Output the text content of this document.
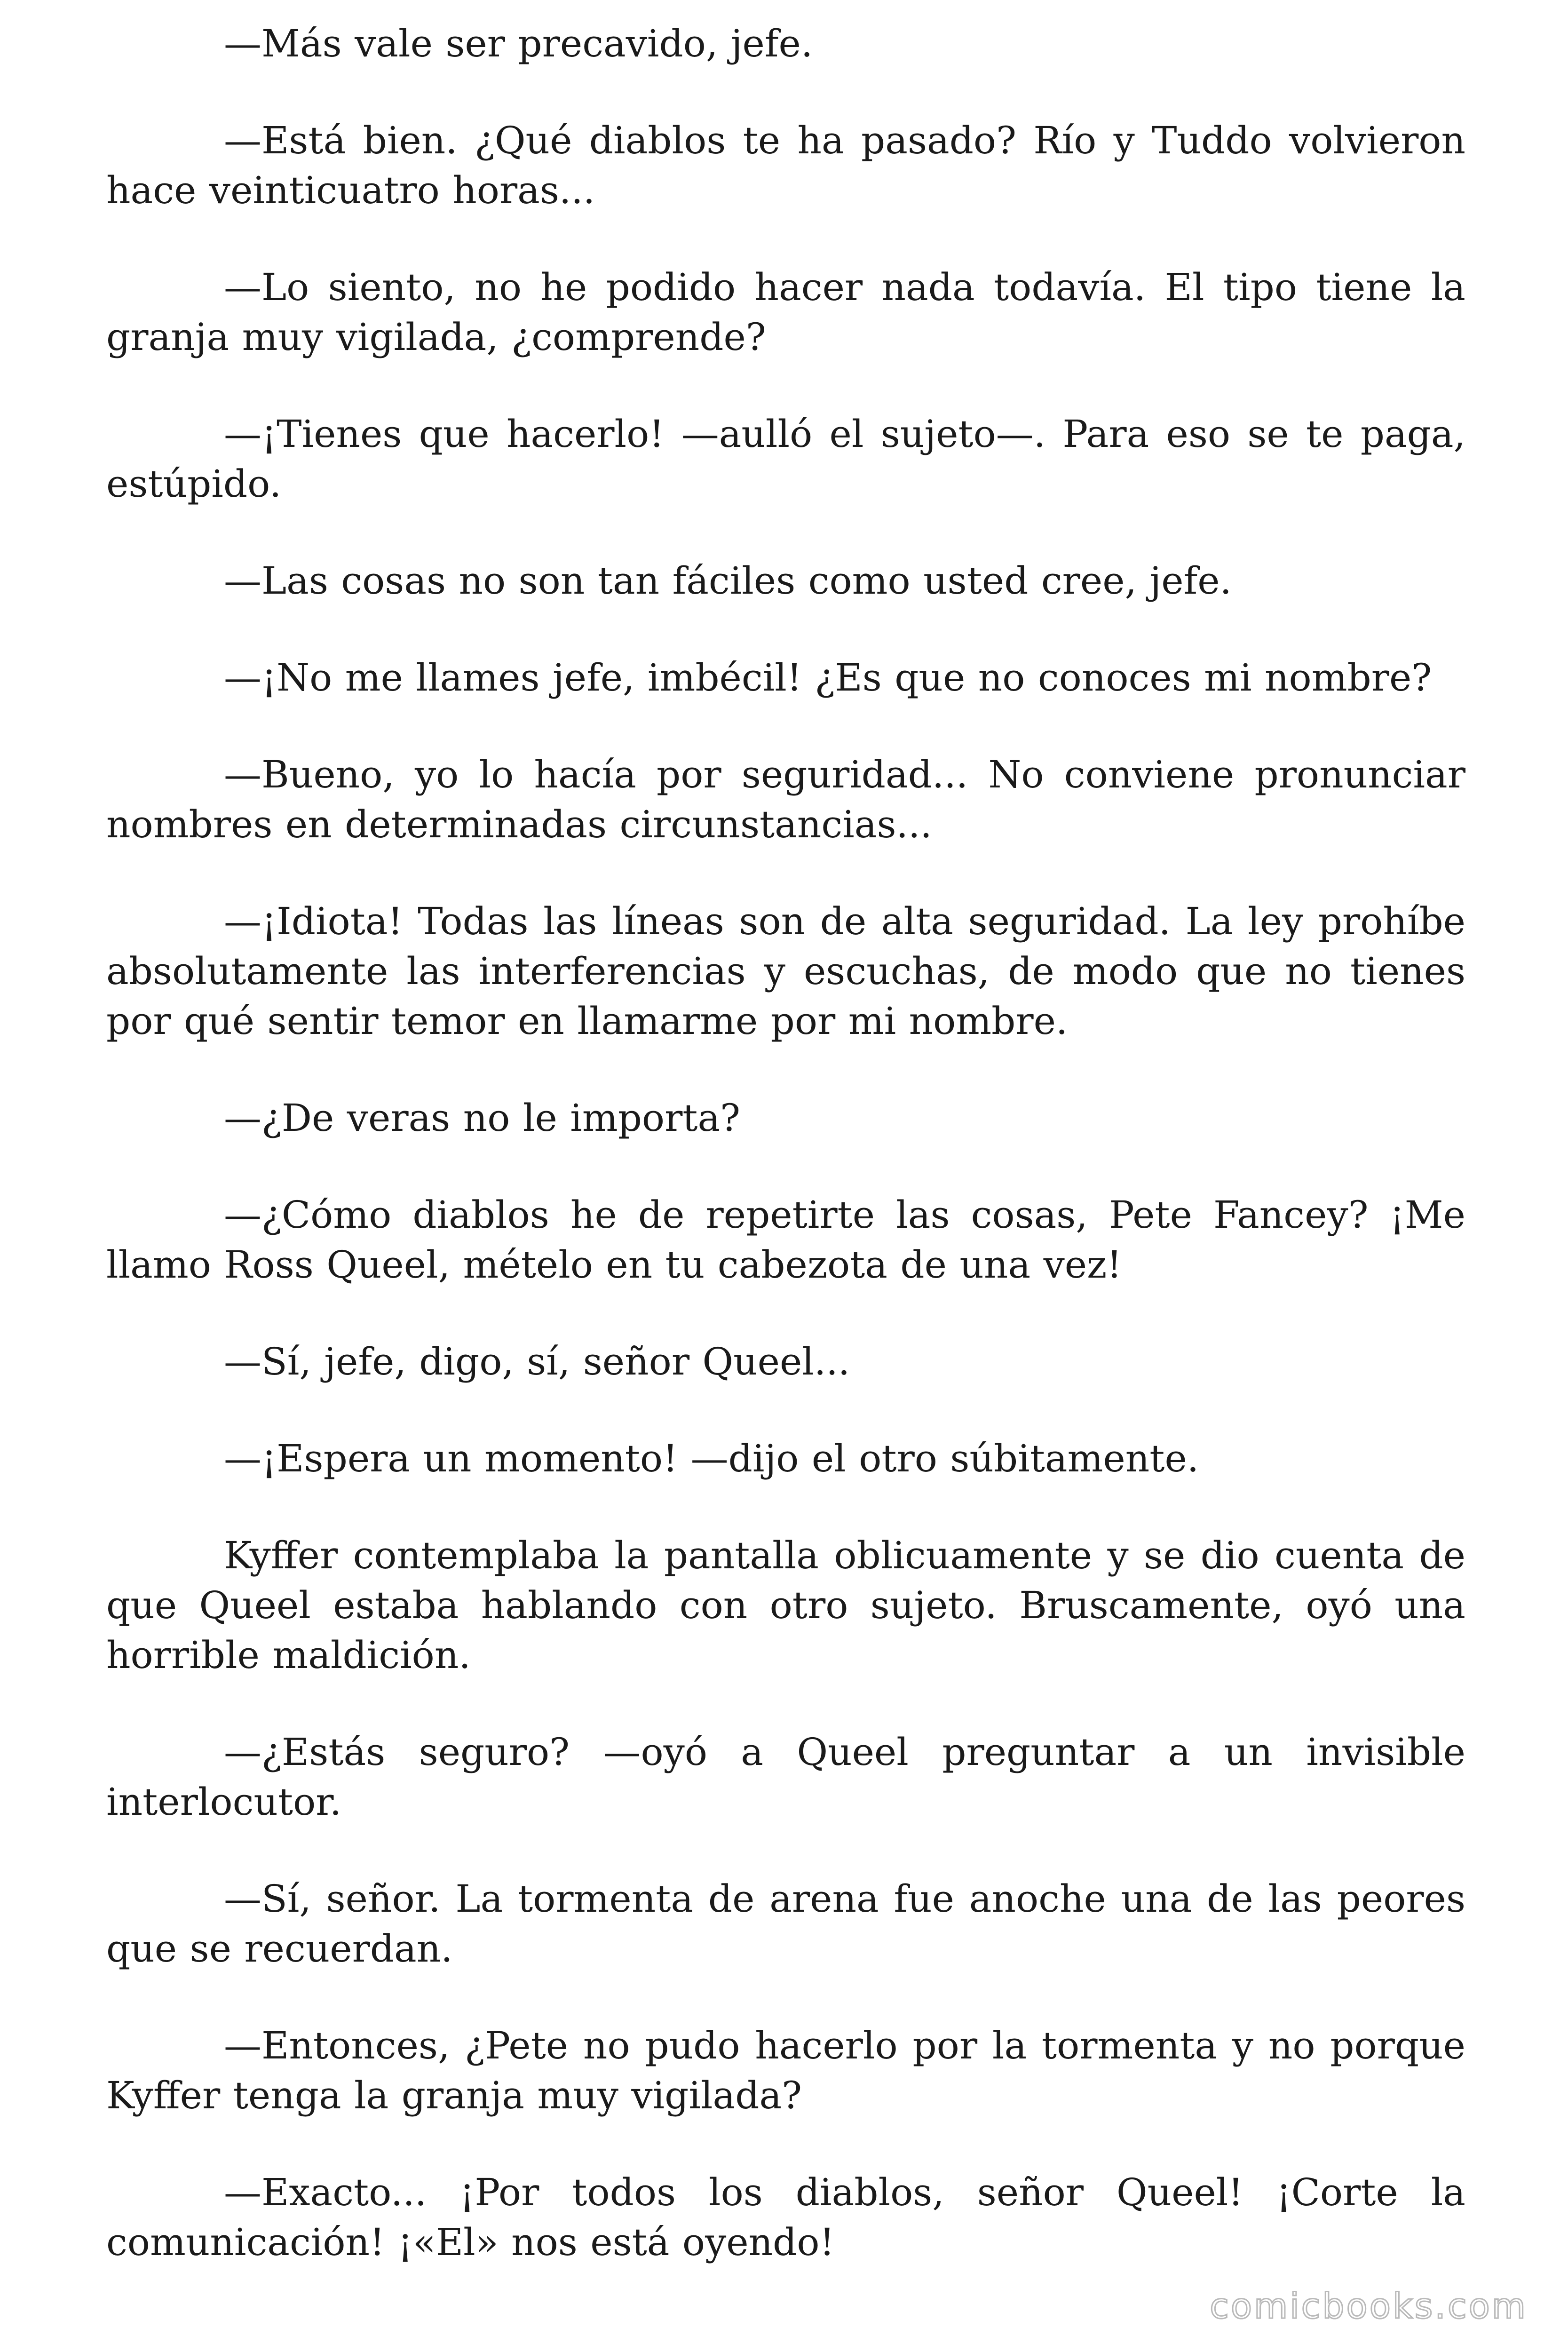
—Más vale ser precavido, jefe.

—Está bien. ¿Qué diablos te ha pasado? Río y Tuddo volvieron hace veinticuatro horas...

—Lo siento, no he podido hacer nada todavía. El tipo tiene la granja muy vigilada, ¿comprende?

—¡Tienes que hacerlo! —aulló el sujeto—. Para eso se te paga, estúpido.

—Las cosas no son tan fáciles como usted cree, jefe.

—¡No me llames jefe, imbécil! ¿Es que no conoces mi nombre?

—Bueno, yo lo hacía por seguridad... No conviene pronunciar nombres en determinadas circunstancias...

—¡Idiota! Todas las líneas son de alta seguridad. La ley prohíbe absolutamente las interferencias y escuchas, de modo que no tienes por qué sentir temor en llamarme por mi nombre.

—¿De veras no le importa?

—¿Cómo diablos he de repetirte las cosas, Pete Fancey? ¡Me llamo Ross Queel, mételo en tu cabezota de una vez!

—Sí, jefe, digo, sí, señor Queel...

—¡Espera un momento! —dijo el otro súbitamente.

Kyffer contemplaba la pantalla oblicuamente y se dio cuenta de que Queel estaba hablando con otro sujeto. Bruscamente, oyó una horrible maldición.

—¿Estás seguro? —oyó a Queel preguntar a un invisible interlocutor.

—Sí, señor. La tormenta de arena fue anoche una de las peores que se recuerdan.

—Entonces, ¿Pete no pudo hacerlo por la tormenta y no porque Kyffer tenga la granja muy vigilada?

—Exacto... ¡Por todos los diablos, señor Queel! ¡Corte la comunicación! ¡«El» nos está oyendo!

comicbooks.com
